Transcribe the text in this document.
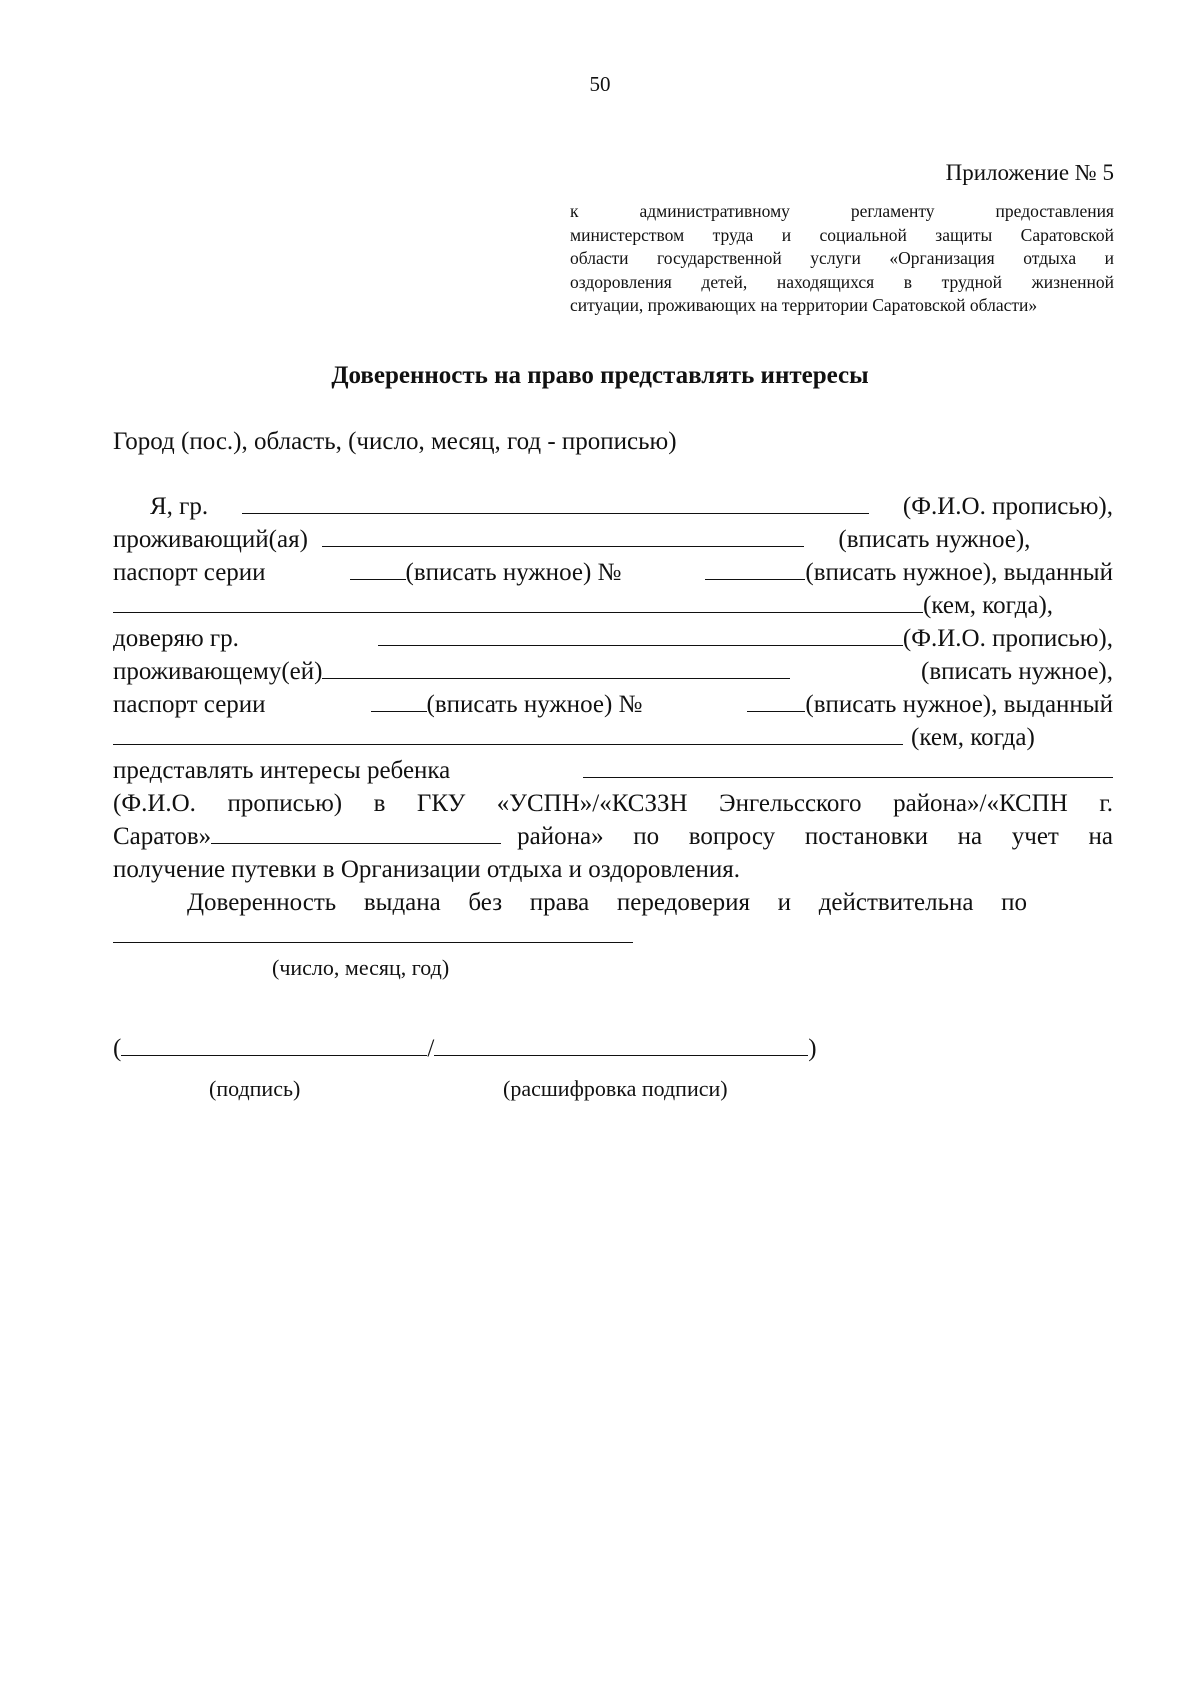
50
Приложение № 5
к административному регламенту предоставления
министерством труда и социальной защиты Саратовской
области государственной услуги «Организация отдыха и
оздоровления детей, находящихся в трудной жизненной
ситуации, проживающих на территории Саратовской области»
Доверенность на право представлять интересы
Город (пос.), область, (число, месяц, год - прописью)
Я, гр.	(Ф.И.О. прописью),
проживающий(ая)	(вписать нужное),
паспорт серии	(вписать нужное) №	(вписать нужное), выданный
(кем, когда),
доверяю гр.	(Ф.И.О. прописью),
проживающему(ей)	(вписать нужное),
паспорт серии	(вписать нужное) №	(вписать нужное), выданный
(кем, когда)
представлять интересы ребенка
(Ф.И.О. прописью) в ГКУ «УСПН»/«КСЗЗН Энгельсского района»/«КСПН г.
Саратов»	района» по вопросу постановки на учет на
получение путевки в Организации отдыха и оздоровления.
Доверенность выдана без права передоверия и действительна по
(число, месяц, год)
(	/	)
(подпись)	(расшифровка подписи)
